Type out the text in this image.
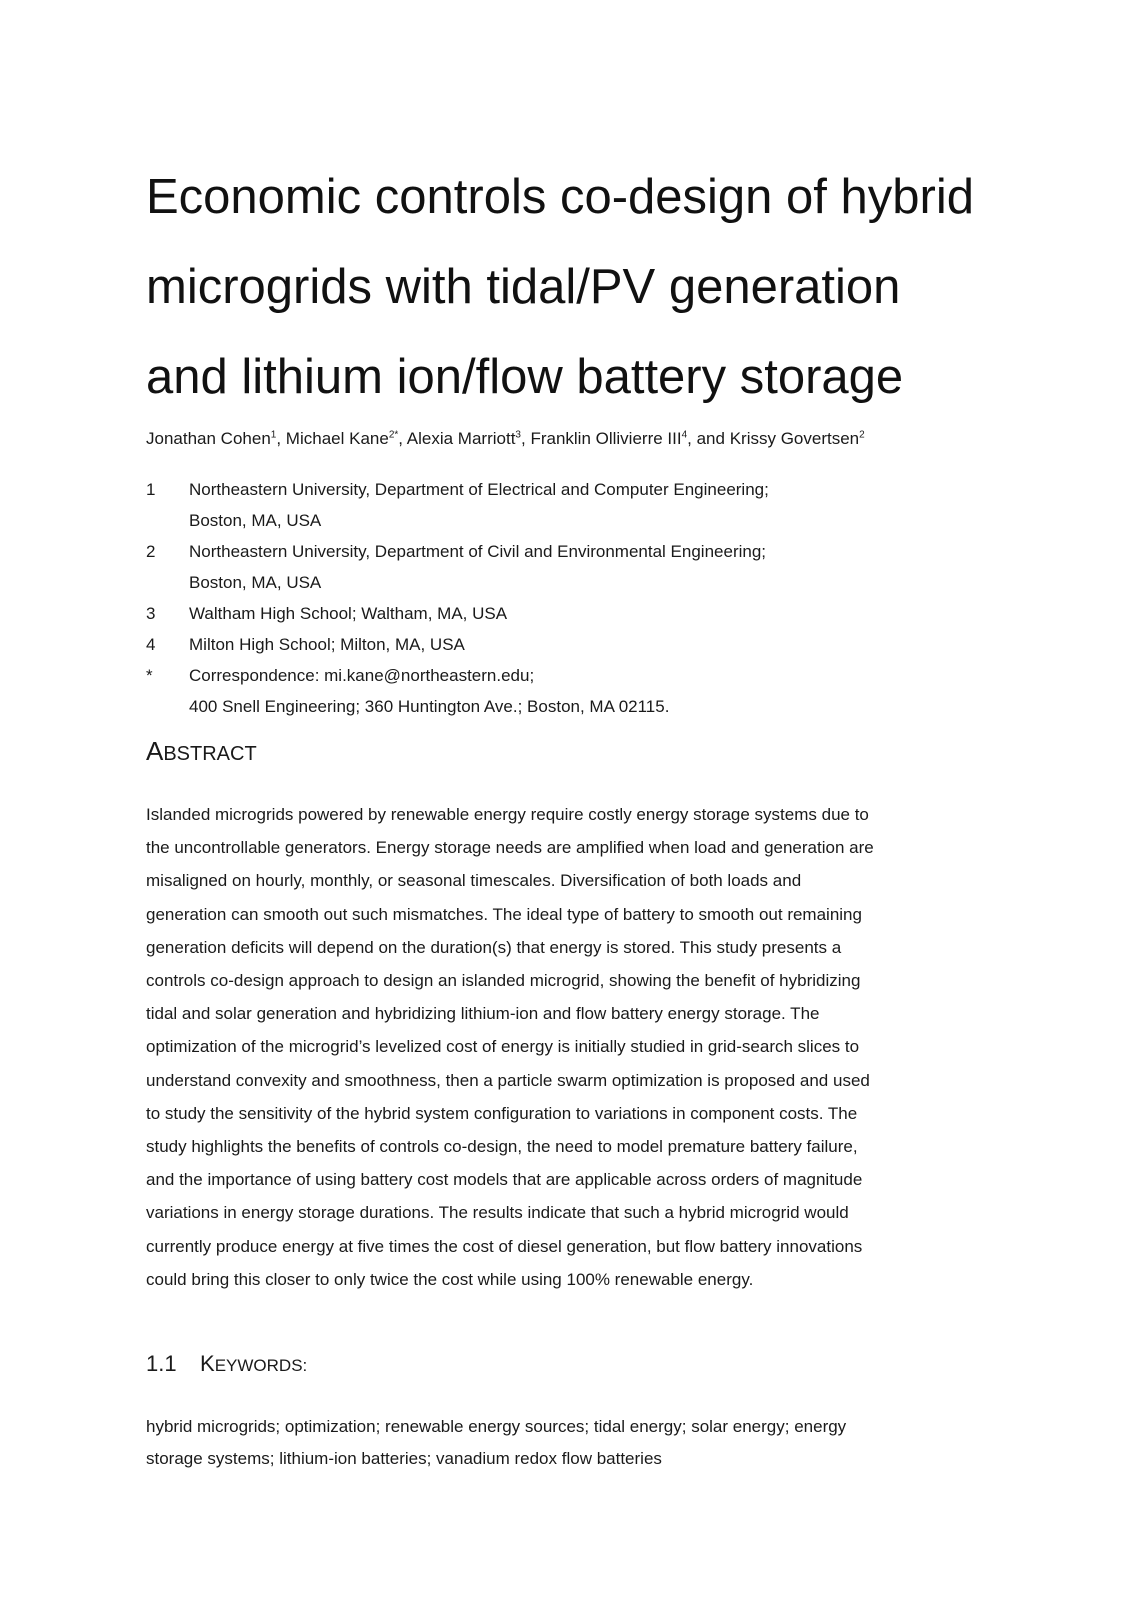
Economic controls co-design of hybrid
microgrids with tidal/PV generation
and lithium ion/flow battery storage

Jonathan Cohen$^1$, Michael Kane$^{2*}$, Alexia Marriott$^3$, Franklin Ollivierre III$^4$, and Krissy Govertsen$^2$

1	Northeastern University, Department of Electrical and Computer Engineering;
Boston, MA, USA
2	Northeastern University, Department of Civil and Environmental Engineering;
Boston, MA, USA
3	Waltham High School; Waltham, MA, USA
4	Milton High School; Milton, MA, USA
*	Correspondence: mi.kane@northeastern.edu;
400 Snell Engineering; 360 Huntington Ave.; Boston, MA 02115.
ABSTRACT

Islanded microgrids powered by renewable energy require costly energy storage systems due to
the uncontrollable generators. Energy storage needs are amplified when load and generation are
misaligned on hourly, monthly, or seasonal timescales. Diversification of both loads and
generation can smooth out such mismatches. The ideal type of battery to smooth out remaining
generation deficits will depend on the duration(s) that energy is stored. This study presents a
controls co-design approach to design an islanded microgrid, showing the benefit of hybridizing
tidal and solar generation and hybridizing lithium-ion and flow battery energy storage. The
optimization of the microgrid’s levelized cost of energy is initially studied in grid-search slices to
understand convexity and smoothness, then a particle swarm optimization is proposed and used
to study the sensitivity of the hybrid system configuration to variations in component costs. The
study highlights the benefits of controls co-design, the need to model premature battery failure,
and the importance of using battery cost models that are applicable across orders of magnitude
variations in energy storage durations. The results indicate that such a hybrid microgrid would
currently produce energy at five times the cost of diesel generation, but flow battery innovations
could bring this closer to only twice the cost while using 100% renewable energy.

1.1 KEYWORDS:

hybrid microgrids; optimization; renewable energy sources; tidal energy; solar energy; energy
storage systems; lithium-ion batteries; vanadium redox flow batteries
